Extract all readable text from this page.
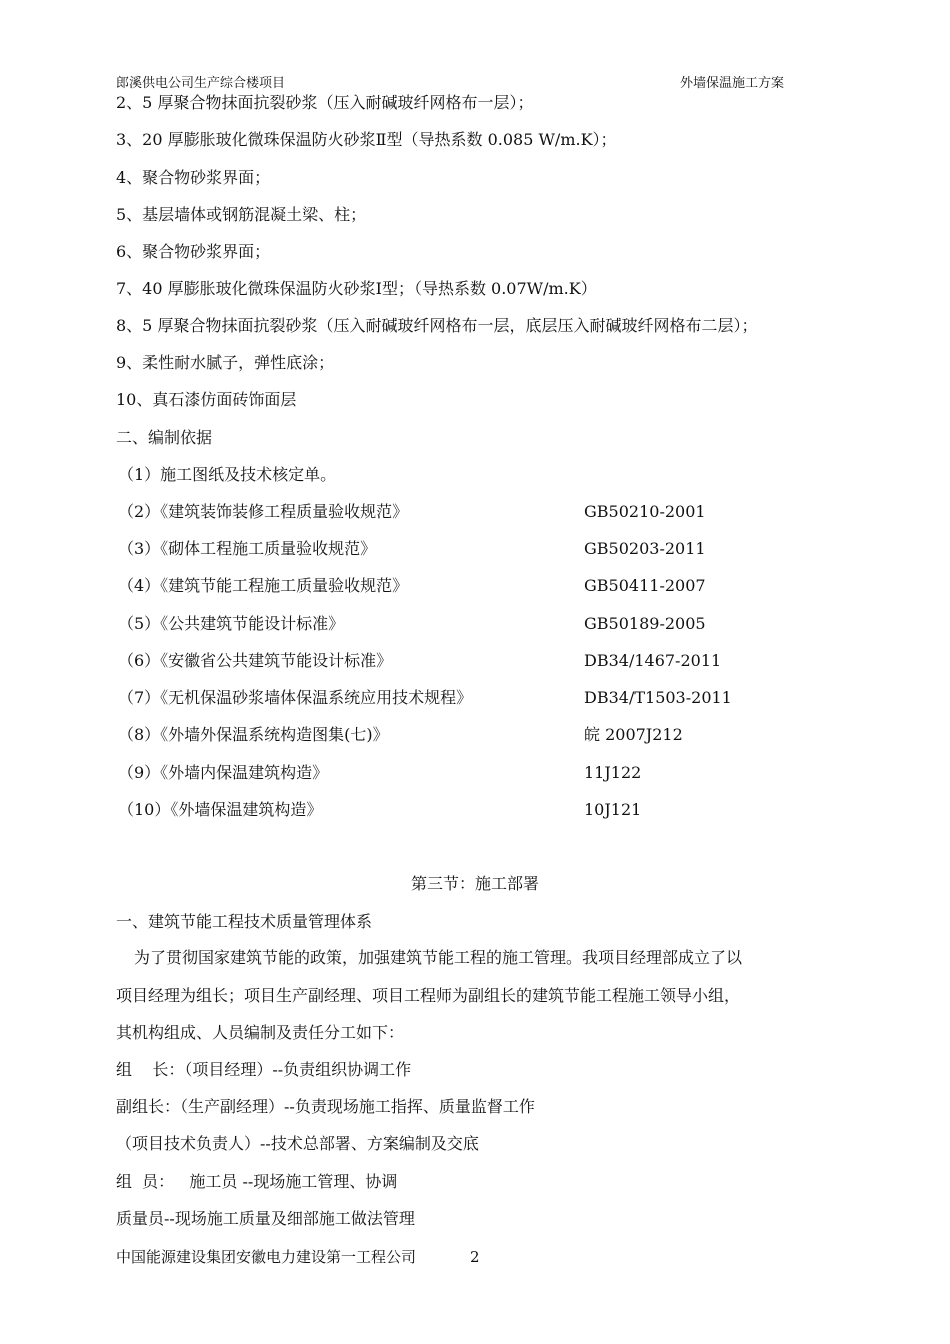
郎溪供电公司生产综合楼项目	外墙保温施工方案
2、5 厚聚合物抹面抗裂砂浆（压入耐碱玻纤网格布一层）；
3、20 厚膨胀玻化微珠保温防火砂浆Ⅱ型（导热系数 0.085 W/m.K）；
4、聚合物砂浆界面；
5、基层墙体或钢筋混凝土梁、柱；
6、聚合物砂浆界面；
7、40 厚膨胀玻化微珠保温防火砂浆Ⅰ型；（导热系数 0.07W/m.K）
8、5 厚聚合物抹面抗裂砂浆（压入耐碱玻纤网格布一层，底层压入耐碱玻纤网格布二层）；
9、柔性耐水腻子，弹性底涂；
10、真石漆仿面砖饰面层
二、编制依据
（1）施工图纸及技术核定单。
（2）《建筑装饰装修工程质量验收规范》	GB50210-2001
（3）《砌体工程施工质量验收规范》	GB50203-2011
（4）《建筑节能工程施工质量验收规范》	GB50411-2007
（5）《公共建筑节能设计标准》	GB50189-2005
（6）《安徽省公共建筑节能设计标准》	DB34/1467-2011
（7）《无机保温砂浆墙体保温系统应用技术规程》	DB34/T1503-2011
（8）《外墙外保温系统构造图集(七)》	皖 2007J212
（9）《外墙内保温建筑构造》	11J122
（10）《外墙保温建筑构造》	10J121
第三节：施工部署
一、建筑节能工程技术质量管理体系
为了贯彻国家建筑节能的政策，加强建筑节能工程的施工管理。我项目经理部成立了以
项目经理为组长；项目生产副经理、项目工程师为副组长的建筑节能工程施工领导小组，
其机构组成、人员编制及责任分工如下：
组    长：（项目经理）--负责组织协调工作
副组长：（生产副经理）--负责现场施工指挥、质量监督工作
（项目技术负责人）--技术总部署、方案编制及交底
组  员：   施工员 --现场施工管理、协调
质量员--现场施工质量及细部施工做法管理
中国能源建设集团安徽电力建设第一工程公司	2
